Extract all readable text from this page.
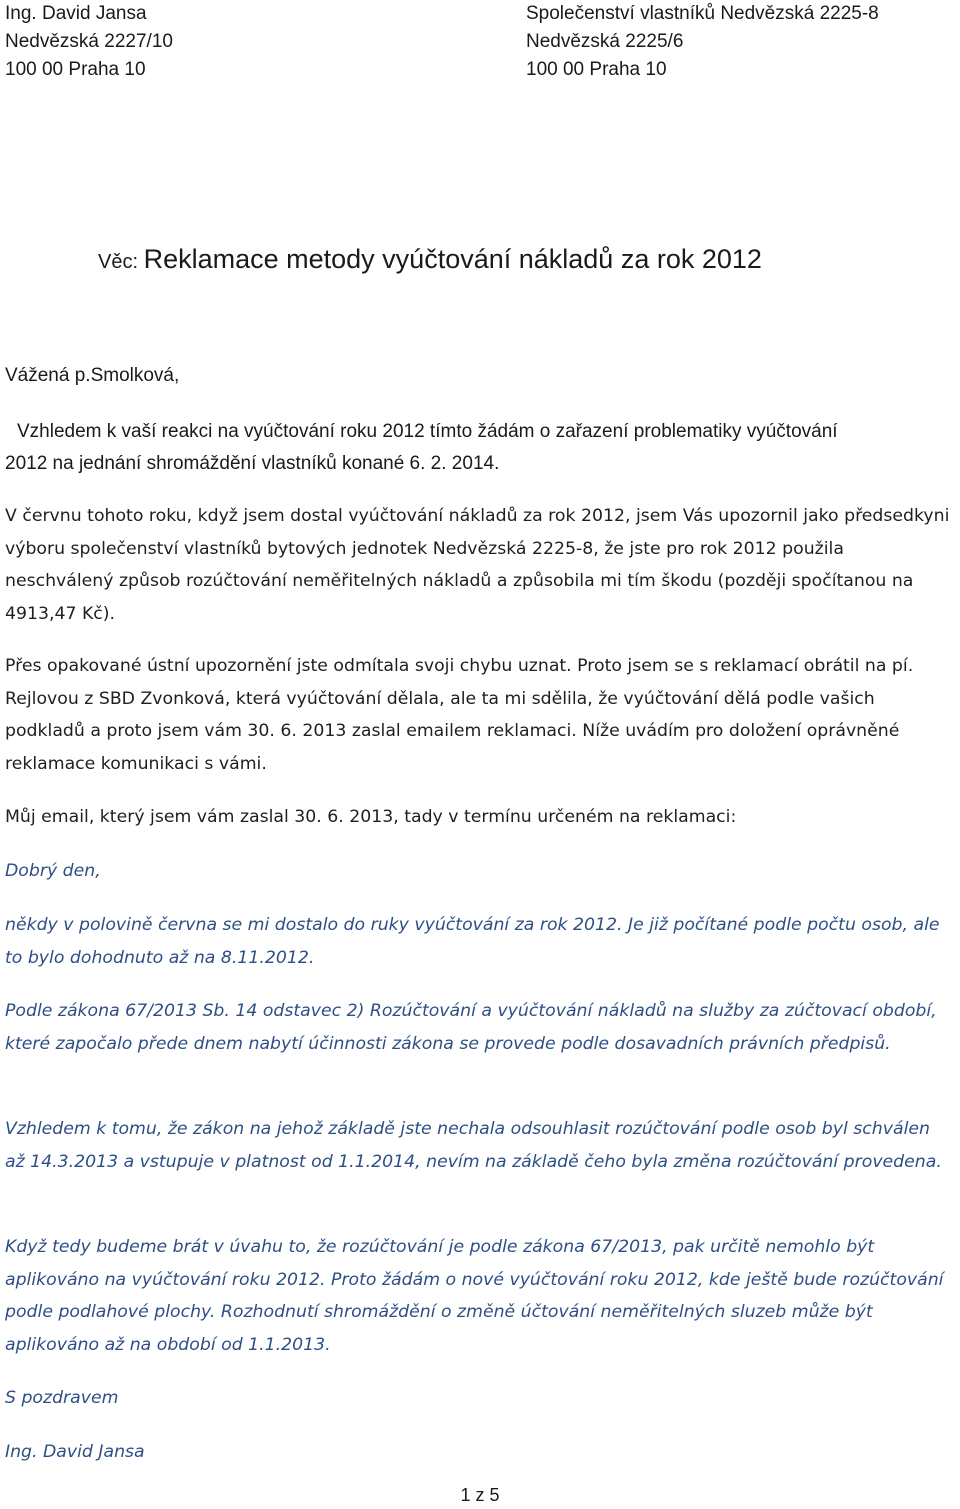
Ing. David Jansa
Nedvězská 2227/10
100 00 Praha 10
Společenství vlastníků Nedvězská 2225-8
Nedvězská 2225/6
100 00 Praha 10
Věc: Reklamace metody vyúčtování nákladů za rok 2012
Vážená p.Smolková,
Vzhledem k vaší reakci na vyúčtování roku 2012 tímto žádám o zařazení problematiky vyúčtování
2012 na jednání shromáždění vlastníků konané 6. 2. 2014.
V červnu tohoto roku, když jsem dostal vyúčtování nákladů za rok 2012, jsem Vás upozornil jako předsedkyni výboru společenství vlastníků bytových jednotek Nedvězská 2225-8, že jste pro rok 2012 použila neschválený způsob rozúčtování neměřitelných nákladů a způsobila mi tím škodu (později spočítanou na 4913,47 Kč).
Přes opakované ústní upozornění jste odmítala svoji chybu uznat. Proto jsem se s reklamací obrátil na pí. Rejlovou z SBD Zvonková, která vyúčtování dělala, ale ta mi sdělila, že vyúčtování dělá podle vašich podkladů a proto jsem vám 30. 6. 2013 zaslal emailem reklamaci. Níže uvádím pro doložení oprávněné reklamace komunikaci s vámi.
Můj email, který jsem vám zaslal 30. 6. 2013, tady v termínu určeném na reklamaci:
Dobrý den,
někdy v polovině června se mi dostalo do ruky vyúčtování za rok 2012. Je již počítané podle počtu osob, ale to bylo dohodnuto až na 8.11.2012.
Podle zákona 67/2013 Sb. 14 odstavec 2) Rozúčtování a vyúčtování nákladů na služby za zúčtovací období, které započalo přede dnem nabytí účinnosti zákona se provede podle dosavadních právních předpisů.
Vzhledem k tomu, že zákon na jehož základě jste nechala odsouhlasit rozúčtování podle osob byl schválen až 14.3.2013 a vstupuje v platnost od 1.1.2014, nevím na základě čeho byla změna rozúčtování provedena.
Když tedy budeme brát v úvahu to, že rozúčtování je podle zákona 67/2013, pak určitě nemohlo být aplikováno na vyúčtování roku 2012. Proto žádám o nové vyúčtování roku 2012, kde ještě bude rozúčtování podle podlahové plochy. Rozhodnutí shromáždění o změně účtování neměřitelných sluzeb může být aplikováno až na období od 1.1.2013.
S pozdravem
Ing. David Jansa
1 z 5
